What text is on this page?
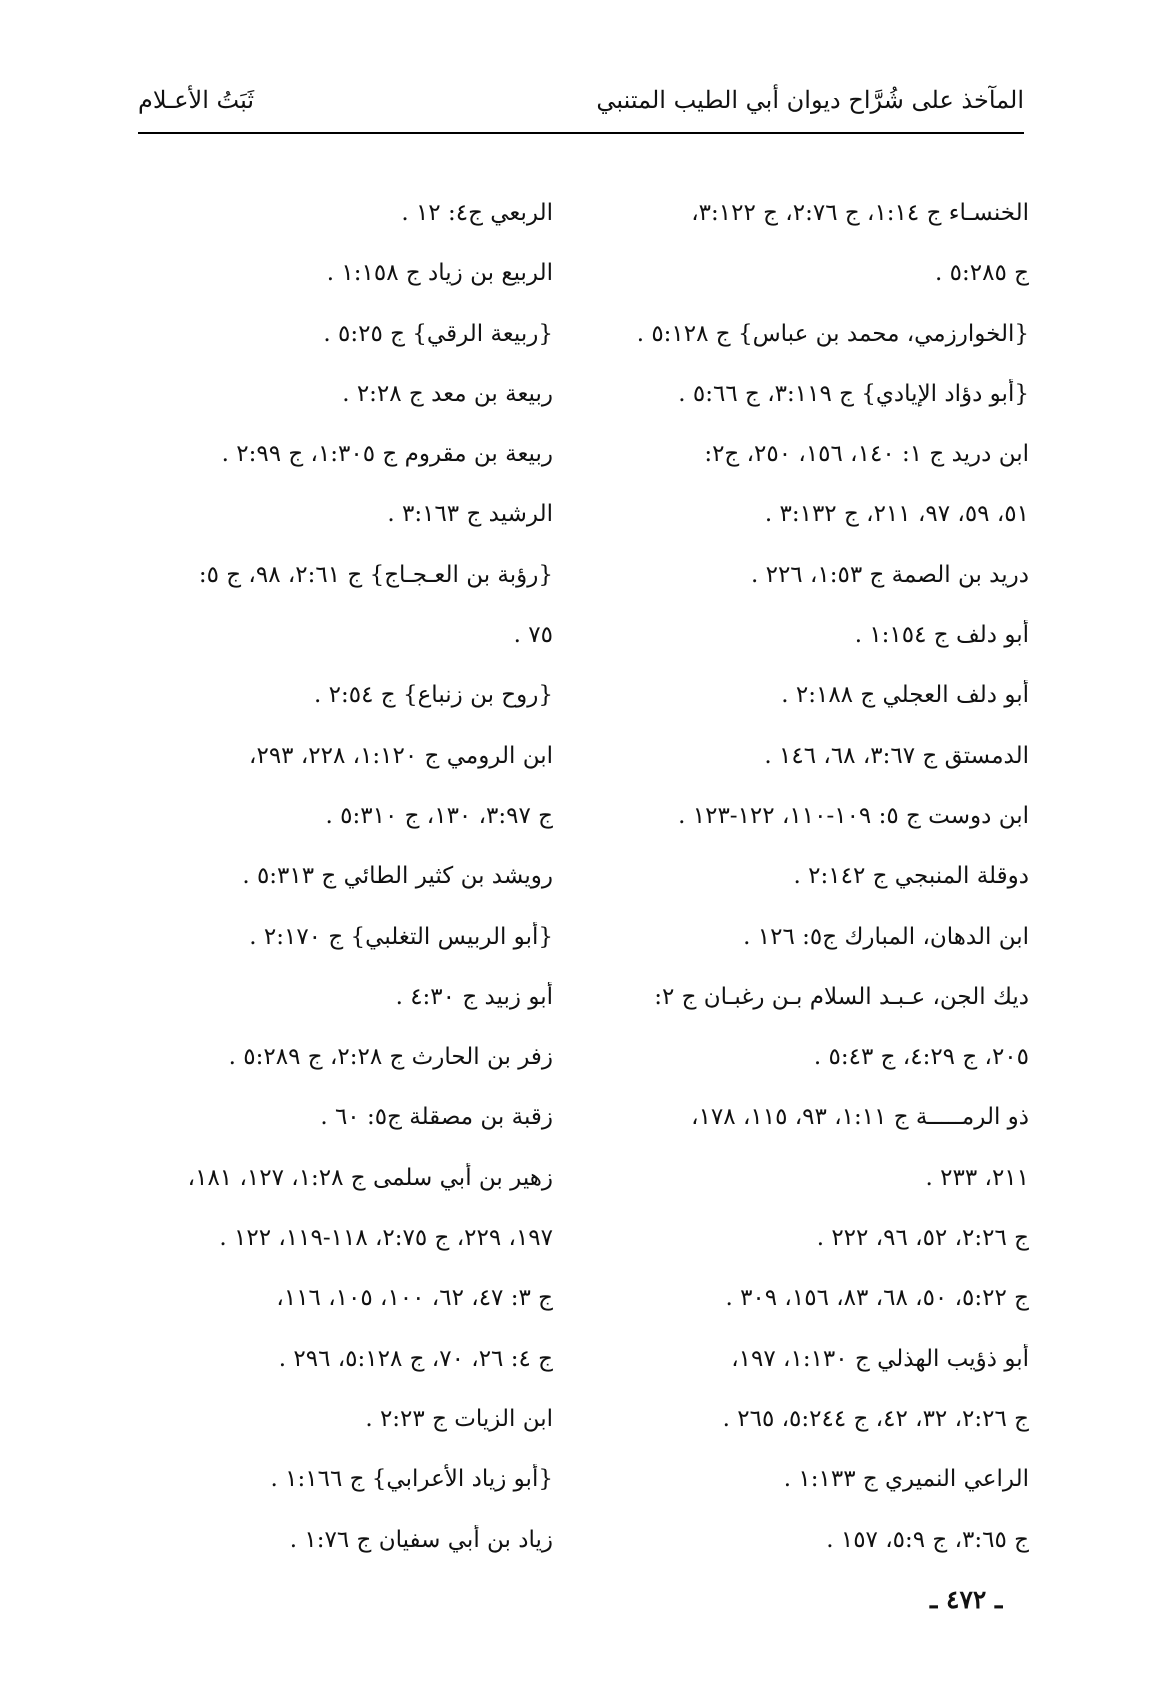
المآخذ على شُرَّاح ديوان أبي الطيب المتنبي
ثَبَتُ الأعـلام
الخنسـاء ج ١:١٤، ج ٢:٧٦، ج ٣:١٢٢،
ج ٥:٢٨٥ .
{الخوارزمي، محمد بن عباس} ج ٥:١٢٨ .
{أبو دؤاد الإيادي} ج ٣:١١٩، ج ٥:٦٦ .
ابن دريد ج ١: ١٤٠، ١٥٦، ٢٥٠، ج٢:
٥١، ٥٩، ٩٧، ٢١١، ج ٣:١٣٢ .
دريد بن الصمة ج ١:٥٣، ٢٢٦ .
أبو دلف ج ١:١٥٤ .
أبو دلف العجلي ج ٢:١٨٨ .
الدمستق ج ٣:٦٧، ٦٨، ١٤٦ .
ابن دوست ج ٥: ١٠٩-١١٠، ١٢٢-١٢٣ .
دوقلة المنبجي ج ٢:١٤٢ .
ابن الدهان، المبارك ج٥: ١٢٦ .
ديك الجن، عـبـد السلام بـن رغبـان ج ٢:
٢٠٥، ج ٤:٢٩، ج ٥:٤٣ .
ذو الرمـــــة ج ١:١١، ٩٣، ١١٥، ١٧٨،
٢١١، ٢٣٣ .
ج ٢:٢٦، ٥٢، ٩٦، ٢٢٢ .
ج ٥:٢٢، ٥٠، ٦٨، ٨٣، ١٥٦، ٣٠٩ .
أبو ذؤيب الهذلي ج ١:١٣٠، ١٩٧،
ج ٢:٢٦، ٣٢، ٤٢، ج ٥:٢٤٤، ٢٦٥ .
الراعي النميري ج ١:١٣٣ .
ج ٣:٦٥، ج ٥:٩، ١٥٧ .
الربعي ج٤: ١٢ .
الربيع بن زياد ج ١:١٥٨ .
{ربيعة الرقي} ج ٥:٢٥ .
ربيعة بن معد ج ٢:٢٨ .
ربيعة بن مقروم ج ١:٣٠٥، ج ٢:٩٩ .
الرشيد ج ٣:١٦٣ .
{رؤبة بن العـجـاج} ج ٢:٦١، ٩٨، ج ٥:
٧٥ .
{روح بن زنباع} ج ٢:٥٤ .
ابن الرومي ج ١:١٢٠، ٢٢٨، ٢٩٣،
ج ٣:٩٧، ١٣٠، ج ٥:٣١٠ .
رويشد بن كثير الطائي ج ٥:٣١٣ .
{أبو الربيس التغلبي} ج ٢:١٧٠ .
أبو زبيد ج ٤:٣٠ .
زفر بن الحارث ج ٢:٢٨، ج ٥:٢٨٩ .
زقبة بن مصقلة ج٥: ٦٠ .
زهير بن أبي سلمى ج ١:٢٨، ١٢٧، ١٨١،
١٩٧، ٢٢٩، ج ٢:٧٥، ١١٨-١١٩، ١٢٢ .
ج ٣: ٤٧، ٦٢، ١٠٠، ١٠٥، ١١٦،
ج ٤: ٢٦، ٧٠، ج ٥:١٢٨، ٢٩٦ .
ابن الزيات ج ٢:٢٣ .
{أبو زياد الأعرابي} ج ١:١٦٦ .
زياد بن أبي سفيان ج ١:٧٦ .
ـ ٤٧٢ ـ
